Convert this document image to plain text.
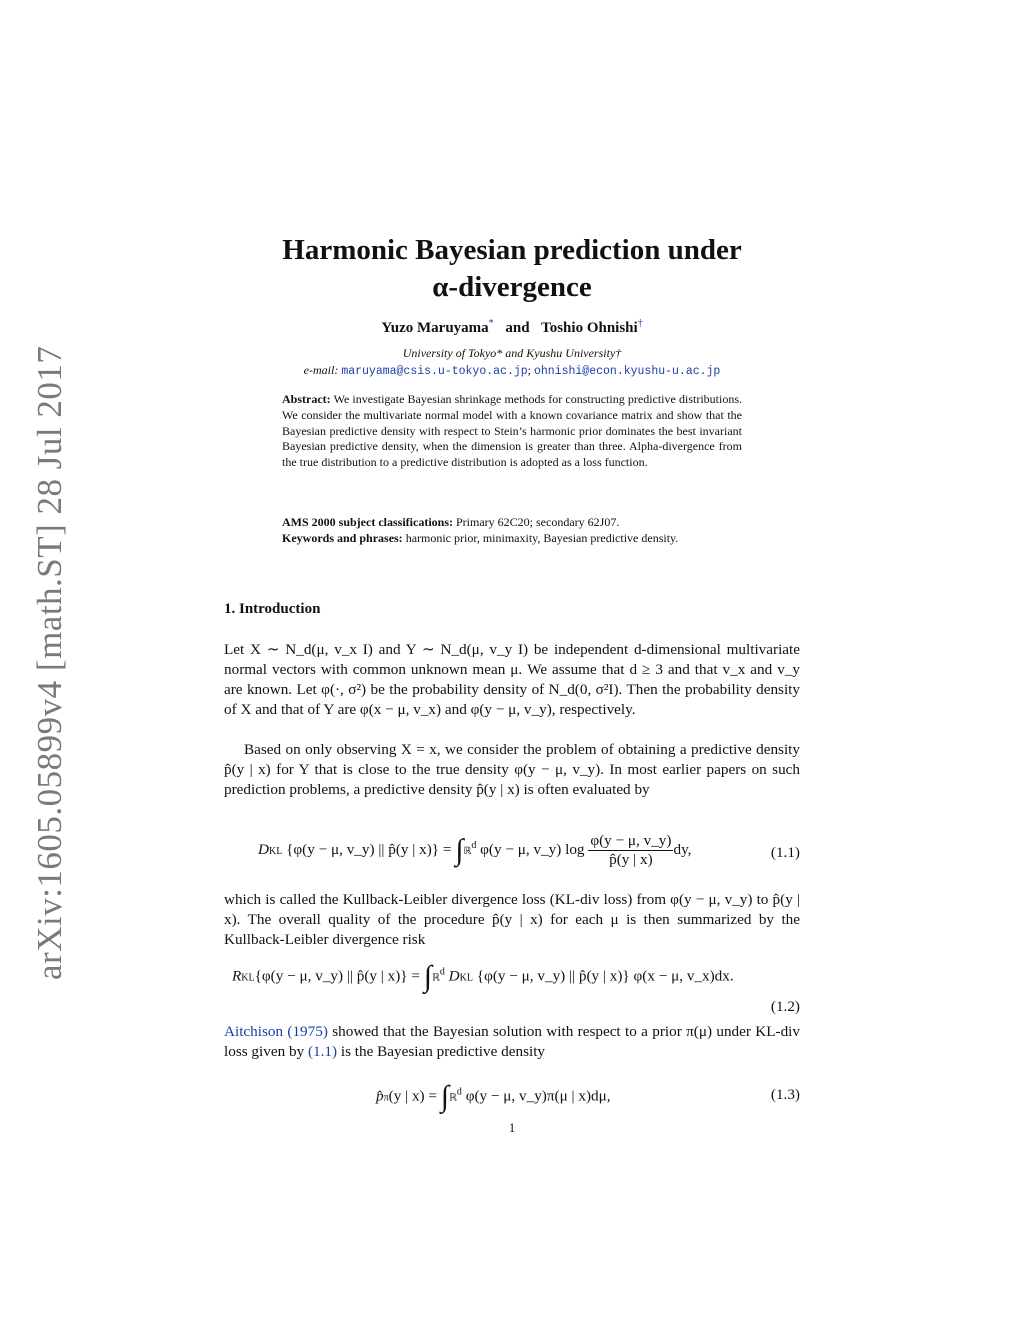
arXiv:1605.05899v4 [math.ST] 28 Jul 2017
Harmonic Bayesian prediction under
α-divergence
Yuzo Maruyama* and Toshio Ohnishi†
University of Tokyo* and Kyushu University†
e-mail: maruyama@csis.u-tokyo.ac.jp; ohnishi@econ.kyushu-u.ac.jp
Abstract: We investigate Bayesian shrinkage methods for constructing predictive distributions. We consider the multivariate normal model with a known covariance matrix and show that the Bayesian predictive density with respect to Stein’s harmonic prior dominates the best invariant Bayesian predictive density, when the dimension is greater than three. Alpha-divergence from the true distribution to a predictive distribution is adopted as a loss function.
AMS 2000 subject classifications: Primary 62C20; secondary 62J07.
Keywords and phrases: harmonic prior, minimaxity, Bayesian predictive density.
1. Introduction
Let X ∼ N_d(μ, v_x I) and Y ∼ N_d(μ, v_y I) be independent d-dimensional multivariate normal vectors with common unknown mean μ. We assume that d ≥ 3 and that v_x and v_y are known. Let φ(·, σ²) be the probability density of N_d(0, σ²I). Then the probability density of X and that of Y are φ(x − μ, v_x) and φ(y − μ, v_y), respectively.
Based on only observing X = x, we consider the problem of obtaining a predictive density p̂(y | x) for Y that is close to the true density φ(y − μ, v_y). In most earlier papers on such prediction problems, a predictive density p̂(y | x) is often evaluated by
DKL {φ(y − μ, v_y) || p̂(y | x)} = ∫ℝ$^d$ φ(y − μ, v_y) $\log \frac{\varphi(y - \mu, v\_y)}{p̂(y | x)}$ dy,	(1.1)
which is called the Kullback-Leibler divergence loss (KL-div loss) from φ(y − μ, v_y) to p̂(y | x). The overall quality of the procedure p̂(y | x) for each μ is then summarized by the Kullback-Leibler divergence risk
RKL{φ(y − μ, v_y) || p̂(y | x)} = ∫ℝ$^d$ DKL {φ(y − μ, v_y) || p̂(y | x)} φ(x − μ, v_x)dx.
(1.2)
Aitchison (1975) showed that the Bayesian solution with respect to a prior π(μ) under KL-div loss given by (1.1) is the Bayesian predictive density
p̂π(y | x) = ∫ℝ$^d$ φ(y − μ, v_y)π(μ | x)dμ,	(1.3)
1
